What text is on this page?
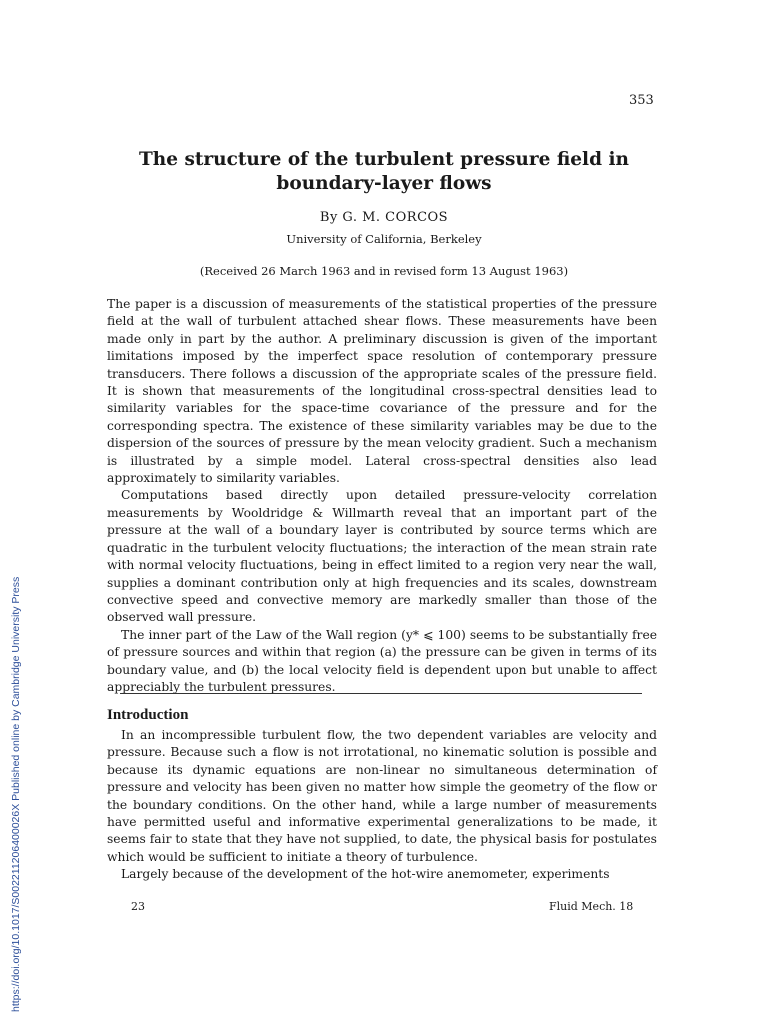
353
The structure of the turbulent pressure field in
boundary-layer flows
By G. M. CORCOS
University of California, Berkeley
(Received 26 March 1963 and in revised form 13 August 1963)

The paper is a discussion of measurements of the statistical properties of the pressure field at the wall of turbulent attached shear flows. These measurements have been made only in part by the author. A preliminary discussion is given of the important limitations imposed by the imperfect space resolution of contemporary pressure transducers. There follows a discussion of the appropriate scales of the pressure field. It is shown that measurements of the longitudinal cross-spectral densities lead to similarity variables for the space-time covariance of the pressure and for the corresponding spectra. The existence of these similarity variables may be due to the dispersion of the sources of pressure by the mean velocity gradient. Such a mechanism is illustrated by a simple model. Lateral cross-spectral densities also lead approximately to similarity variables.

Computations based directly upon detailed pressure-velocity correlation measurements by Wooldridge & Willmarth reveal that an important part of the pressure at the wall of a boundary layer is contributed by source terms which are quadratic in the turbulent velocity fluctuations; the interaction of the mean strain rate with normal velocity fluctuations, being in effect limited to a region very near the wall, supplies a dominant contribution only at high frequencies and its scales, downstream convective speed and convective memory are markedly smaller than those of the observed wall pressure.

The inner part of the Law of the Wall region (y* ⩽ 100) seems to be substantially free of pressure sources and within that region (a) the pressure can be given in terms of its boundary value, and (b) the local velocity field is dependent upon but unable to affect appreciably the turbulent pressures.

Introduction

In an incompressible turbulent flow, the two dependent variables are velocity and pressure. Because such a flow is not irrotational, no kinematic solution is possible and because its dynamic equations are non-linear no simultaneous determination of pressure and velocity has been given no matter how simple the geometry of the flow or the boundary conditions. On the other hand, while a large number of measurements have permitted useful and informative experimental generalizations to be made, it seems fair to state that they have not supplied, to date, the physical basis for postulates which would be sufficient to initiate a theory of turbulence.

Largely because of the development of the hot-wire anemometer, experiments

23	Fluid Mech. 18
https://doi.org/10.1017/S002211206400026X Published online by Cambridge University Press
